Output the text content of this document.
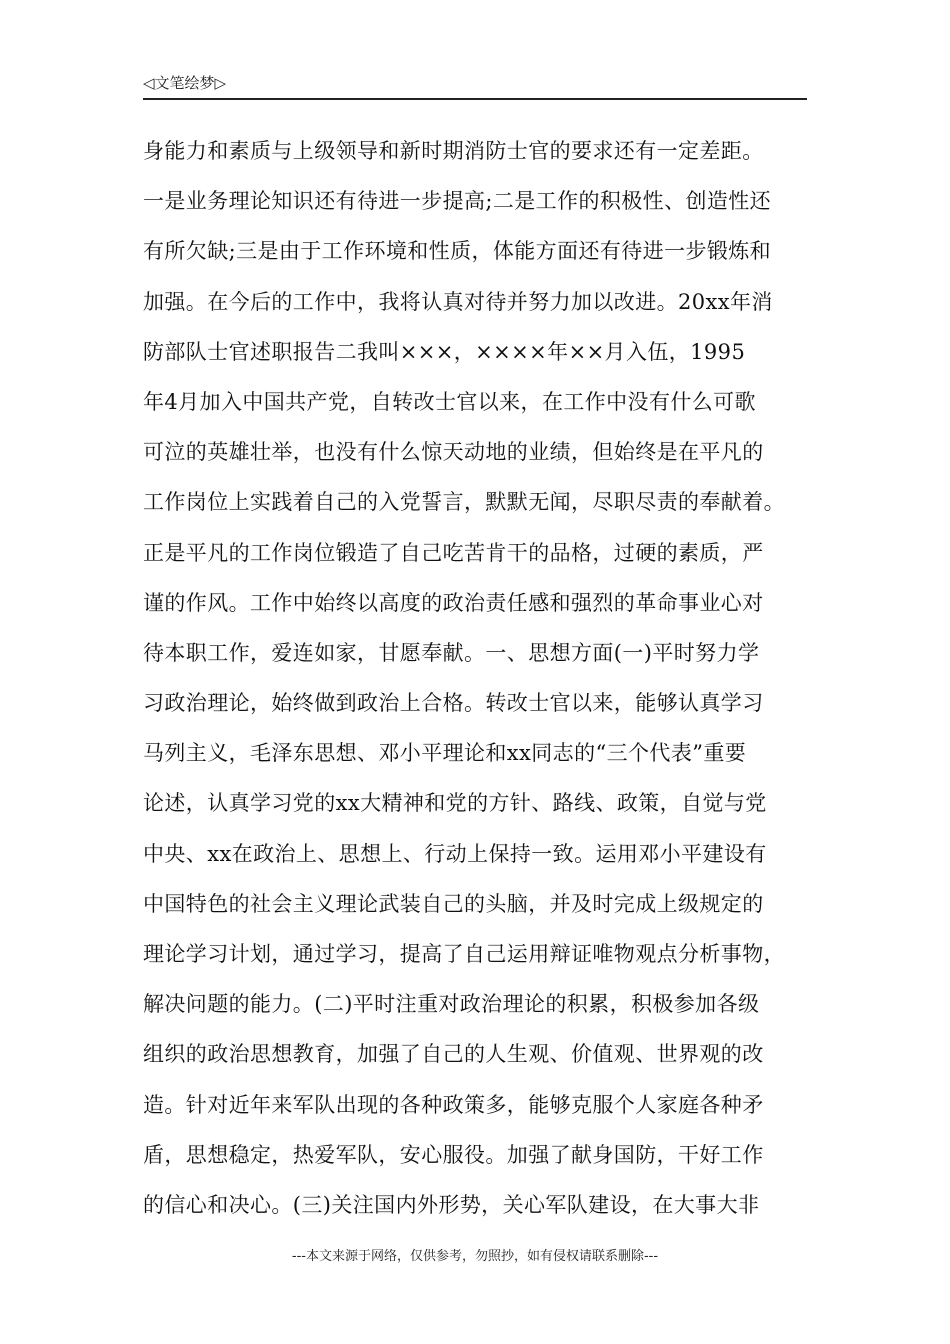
◁文笔绘梦▷
身能力和素质与上级领导和新时期消防士官的要求还有一定差距。
一是业务理论知识还有待进一步提高;二是工作的积极性、创造性还
有所欠缺;三是由于工作环境和性质，体能方面还有待进一步锻炼和
加强。在今后的工作中，我将认真对待并努力加以改进。20xx年消
防部队士官述职报告二我叫×××，××××年××月入伍，1995
年4月加入中国共产党，自转改士官以来，在工作中没有什么可歌
可泣的英雄壮举，也没有什么惊天动地的业绩，但始终是在平凡的
工作岗位上实践着自己的入党誓言，默默无闻，尽职尽责的奉献着。
正是平凡的工作岗位锻造了自己吃苦肯干的品格，过硬的素质，严
谨的作风。工作中始终以高度的政治责任感和强烈的革命事业心对
待本职工作，爱连如家，甘愿奉献。一、思想方面(一)平时努力学
习政治理论，始终做到政治上合格。转改士官以来，能够认真学习
马列主义，毛泽东思想、邓小平理论和xx同志的“三个代表”重要
论述，认真学习党的xx大精神和党的方针、路线、政策，自觉与党
中央、xx在政治上、思想上、行动上保持一致。运用邓小平建设有
中国特色的社会主义理论武装自己的头脑，并及时完成上级规定的
理论学习计划，通过学习，提高了自己运用辩证唯物观点分析事物，
解决问题的能力。(二)平时注重对政治理论的积累，积极参加各级
组织的政治思想教育，加强了自己的人生观、价值观、世界观的改
造。针对近年来军队出现的各种政策多，能够克服个人家庭各种矛
盾，思想稳定，热爱军队，安心服役。加强了献身国防，干好工作
的信心和决心。(三)关注国内外形势，关心军队建设，在大事大非
---本文来源于网络，仅供参考，勿照抄，如有侵权请联系删除---
